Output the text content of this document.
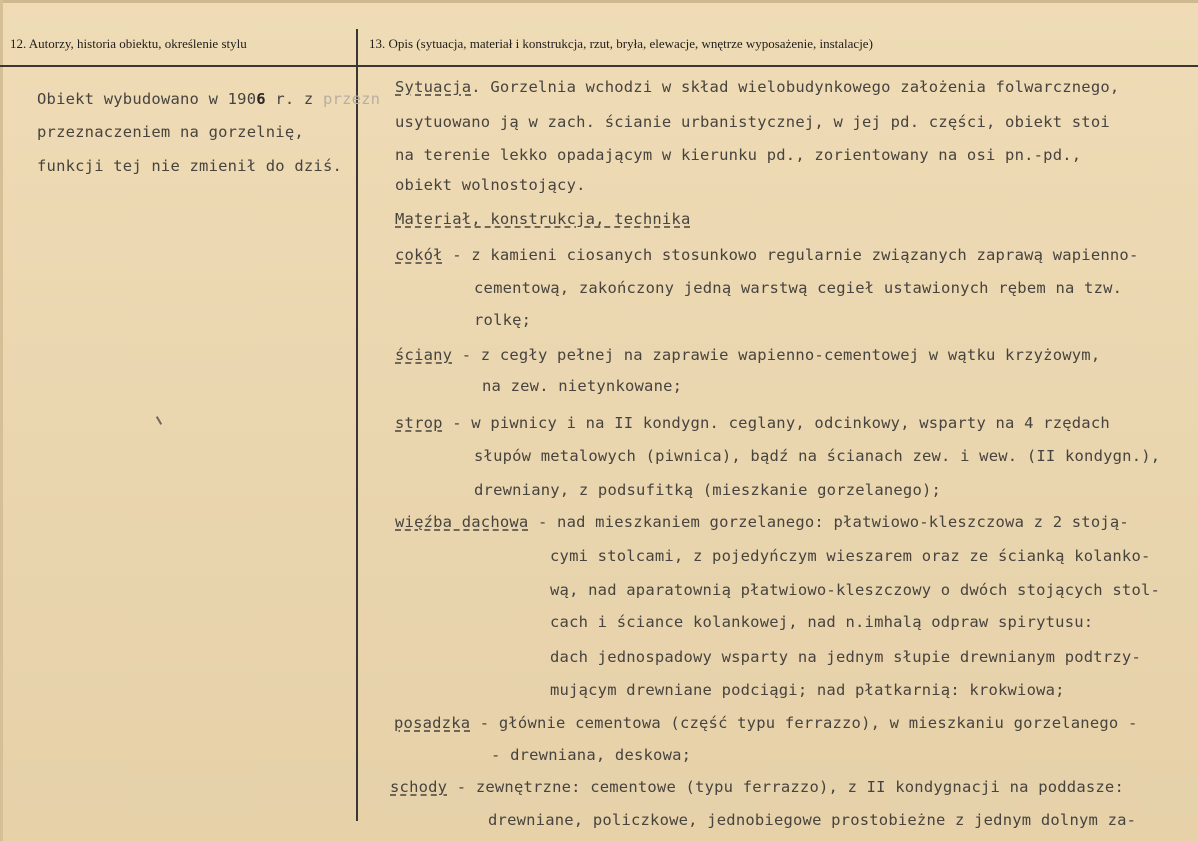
12. Autorzy, historia obiektu, określenie stylu	13. Opis (sytuacja, materiał i konstrukcja, rzut, bryła, elewacje, wnętrze wyposażenie, instalacje)
Obiekt wybudowano w 1906 r. z przezn
przeznaczeniem na gorzelnię,
funkcji tej nie zmienił do dziś.
Sytuacja. Gorzelnia wchodzi w skład wielobudynkowego założenia folwarcznego,
usytuowano ją w zach. ścianie urbanistycznej, w jej pd. części, obiekt stoi
na terenie lekko opadającym w kierunku pd., zorientowany na osi pn.-pd.,
obiekt wolnostojący.
Materiał, konstrukcja, technika
cokół - z kamieni ciosanych stosunkowo regularnie związanych zaprawą wapienno-
cementową, zakończony jedną warstwą cegieł ustawionych rębem na tzw.
rolkę;
ściany - z cegły pełnej na zaprawie wapienno-cementowej w wątku krzyżowym,
na zew. nietynkowane;
strop - w piwnicy i na II kondygn. ceglany, odcinkowy, wsparty na 4 rzędach
słupów metalowych (piwnica), bądź na ścianach zew. i wew. (II kondygn.),
drewniany, z podsufitką (mieszkanie gorzelanego);
więźba dachowa - nad mieszkaniem gorzelanego: płatwiowo-kleszczowa z 2 stoją-
cymi stolcami, z pojedyńczym wieszarem oraz ze ścianką kolanko-
wą, nad aparatownią płatwiowo-kleszczowy o dwóch stojących stol-
cach i ściance kolankowej, nad n.imhalą odpraw spirytusu:
dach jednospadowy wsparty na jednym słupie drewnianym podtrzy-
mującym drewniane podciągi; nad płatkarnią: krokwiowa;
posadzka - głównie cementowa (część typu ferrazzo), w mieszkaniu gorzelanego -
- drewniana, deskowa;
schody - zewnętrzne: cementowe (typu ferrazzo), z II kondygnacji na poddasze:
drewniane, policzkowe, jednobiegowe prostobieżne z jednym dolnym za-
